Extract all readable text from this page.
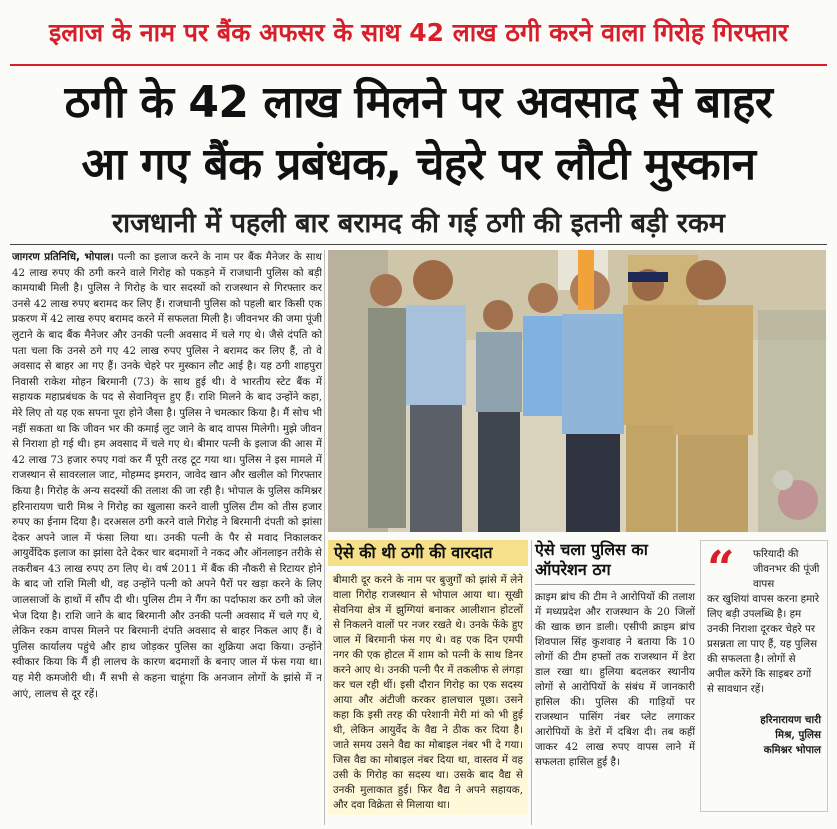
इलाज के नाम पर बैंक अफसर के साथ 42 लाख ठगी करने वाला गिरोह गिरफ्तार
ठगी के 42 लाख मिलने पर अवसाद से बाहर
आ गए बैंक प्रबंधक, चेहरे पर लौटी मुस्कान
राजधानी में पहली बार बरामद की गई ठगी की इतनी बड़ी रकम
जागरण प्रतिनिधि, भोपाल। पत्नी का इलाज करने के नाम पर बैंक मैनेजर के साथ 42 लाख रुपए की ठगी करने वाले गिरोह को पकड़ने में राजधानी पुलिस को बड़ी कामयाबी मिली है। पुलिस ने गिरोह के चार सदस्यों को राजस्थान से गिरफ्तार कर उनसे 42 लाख रुपए बरामद कर लिए हैं। राजधानी पुलिस को पहली बार किसी एक प्रकरण में 42 लाख रुपए बरामद करने में सफलता मिली है। जीवनभर की जमा पूंजी लुटाने के बाद बैंक मैनेजर और उनकी पत्नी अवसाद में चले गए थे। जैसे दंपति को पता चला कि उनसे ठगे गए 42 लाख रुपए पुलिस ने बरामद कर लिए हैं, तो वे अवसाद से बाहर आ गए हैं। उनके चेहरे पर मुस्कान लौट आई है। यह ठगी शाहपुरा निवासी राकेश मोहन बिरमानी (73) के साथ हुई थी। वे भारतीय स्टेट बैंक में सहायक महाप्रबंधक के पद से सेवानिवृत्त हुए हैं। राशि मिलने के बाद उन्होंने कहा, मेरे लिए तो यह एक सपना पूरा होने जैसा है। पुलिस ने चमत्कार किया है। मैं सोच भी नहीं सकता था कि जीवन भर की कमाई लुट जाने के बाद वापस मिलेगी। मुझे जीवन से निराशा हो गई थी। हम अवसाद में चले गए थे। बीमार पत्नी के इलाज की आस में 42 लाख 73 हजार रुपए गवां कर मैं पूरी तरह टूट गया था। पुलिस ने इस मामले में राजस्थान से सावरलाल जाट, मोहम्मद इमरान, जावेद खान और खलील को गिरफ्तार किया है। गिरोह के अन्य सदस्यों की तलाश की जा रही है। भोपाल के पुलिस कमिश्नर हरिनारायण चारी मिश्र ने गिरोह का खुलासा करने वाली पुलिस टीम को तीस हजार रुपए का ईनाम दिया है। दरअसल ठगी करने वाले गिरोह ने बिरमानी दंपती को झांसा देकर अपने जाल में फंसा लिया था। उनकी पत्नी के पैर से मवाद निकालकर आयुर्वेदिक इलाज का झांसा देते देकर चार बदमाशों ने नकद और ऑनलाइन तरीके से तकरीबन 43 लाख रुपए ठग लिए थे। वर्ष 2011 में बैंक की नौकरी से रिटायर होने के बाद जो राशि मिली थी, वह उन्होंने पत्नी को अपने पैरों पर खड़ा करने के लिए जालसाजों के हाथों में सौंप दी थी। पुलिस टीम ने गैंग का पर्दाफाश कर ठगी को जेल भेज दिया है। राशि जाने के बाद बिरमानी और उनकी पत्नी अवसाद में चले गए थे, लेकिन रकम वापस मिलने पर बिरमानी दंपति अवसाद से बाहर निकल आए हैं। वे पुलिस कार्यालय पहुंचे और हाथ जोड़कर पुलिस का शुक्रिया अदा किया। उन्होंने स्वीकार किया कि मैं ही लालच के कारण बदमाशों के बनाए जाल में फंस गया था। यह मेरी कमजोरी थी। मैं सभी से कहना चाहूंगा कि अनजान लोगों के झांसे में न आएं, लालच से दूर रहें।
ऐसे की थी ठगी की वारदात
बीमारी दूर करने के नाम पर बुजुर्गों को झांसे में लेने वाला गिरोह राजस्थान से भोपाल आया था। सूखी सेवनिया क्षेत्र में झुग्गियां बनाकर आलीशान होटलों से निकलने वालों पर नजर रखते थे। उनके फेंके हुए जाल में बिरमानी फंस गए थे। वह एक दिन एमपी नगर की एक होटल में शाम को पत्नी के साथ डिनर करने आए थे। उनकी पत्नी पैर में तकलीफ से लंगड़ा कर चल रही थीं। इसी दौरान गिरोह का एक सदस्य आया और अंटीजी करकर हालचाल पूछा। उसने कहा कि इसी तरह की परेशानी मेरी मां को भी हुई थी, लेकिन आयुर्वेद के वैद्य ने ठीक कर दिया है। जाते समय उसने वैद्य का मोबाइल नंबर भी दे गया। जिस वैद्य का मोबाइल नंबर दिया था, वास्तव में वह उसी के गिरोह का सदस्य था। उसके बाद वैद्य से उनकी मुलाकात हुई। फिर वैद्य ने अपने सहायक, और दवा विक्रेता से मिलाया था।
ऐसे चला पुलिस का ऑपरेशन ठग
क्राइम ब्रांच की टीम ने आरोपियों की तलाश में मध्यप्रदेश और राजस्थान के 20 जिलों की खाक छान डाली। एसीपी क्राइम ब्रांच शिवपाल सिंह कुशवाह ने बताया कि 10 लोगों की टीम हफ्तों तक राजस्थान में डेरा डाल रखा था। हुलिया बदलकर स्थानीय लोगों से आरोपियों के संबंध में जानकारी हासिल की। पुलिस की गाड़ियों पर राजस्थान पासिंग नंबर प्लेट लगाकर आरोपियों के डेरों में दबिश दी। तब कहीं जाकर 42 लाख रुपए वापस लाने में सफलता हासिल हुई है।
“ फरियादी की जीवनभर की पूंजी वापस
कर खुशियां वापस करना हमारे लिए बड़ी उपलब्धि है। हम उनकी निराशा दूरकर चेहरे पर प्रसन्नता ला पाए हैं, यह पुलिस की सफलता है। लोगों से अपील करेंगे कि साइबर ठगों से सावधान रहें।
हरिनारायण चारी
मिश्र, पुलिस
कमिश्नर भोपाल
